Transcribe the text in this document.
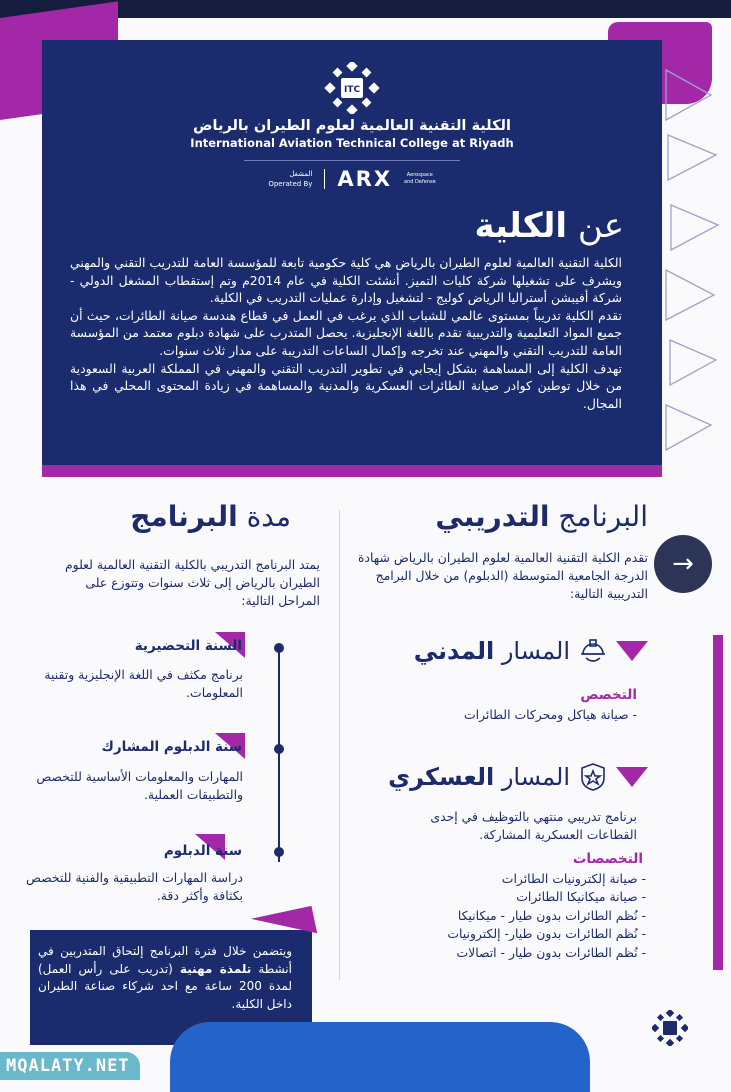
ITC
الكلية التقنية العالمية لعلوم الطيران بالرياض
International Aviation Technical College at Riyadh
المشغل
Operated By ARX	Aerospace
and Defense
عن الكلية

الكلية التقنية العالمية لعلوم الطيران بالرياض هي كلية حكومية تابعة للمؤسسة العامة للتدريب التقني والمهني ويشرف على تشغيلها شركة كليات التميز. أنشئت الكلية في عام 2014م وتم إستقطاب المشغل الدولي - شركة أفيبشن أستراليا الرياض كوليج - لتشغيل وإدارة عمليات التدريب في الكلية.

تقدم الكلية تدريباً بمستوى عالمي للشباب الذي يرغب في العمل في قطاع هندسة صيانة الطائرات، حيث أن جميع المواد التعليمية والتدريبية تقدم باللغة الإنجليزية. يحصل المتدرب على شهادة دبلوم معتمد من المؤسسة العامة للتدريب التقني والمهني عند تخرجه وإكمال الساعات التدريبة على مدار ثلاث سنوات.

تهدف الكلية إلى المساهمة بشكل إيجابي في تطوير التدريب التقني والمهني في المملكة العربية السعودية من خلال توطين كوادر صيانة الطائرات العسكرية والمدنية والمساهمة في زيادة المحتوى المحلي في هذا المجال.

البرنامج التدريبي
تقدم الكلية التقنية العالمية لعلوم الطيران بالرياض شهادة الدرجة الجامعية المتوسطة (الدبلوم) من خلال البرامج التدريبية التالية:
→
المسار المدني
التخصص
- صيانة هياكل ومحركات الطائرات
المسار العسكري
برنامج تدريبي منتهي بالتوظيف في إحدى القطاعات العسكرية المشاركة.
التخصصات
- صيانة إلكترونيات الطائرات
- صيانة ميكانيكا الطائرات
- نُظم الطائرات بدون طيار - ميكانيكا
- نُظم الطائرات بدون طيار- إلكترونيات
- نُظم الطائرات بدون طيار - اتصالات
مدة البرنامج
يمتد البرنامج التدريبي بالكلية التقنية العالمية لعلوم الطيران بالرياض إلى ثلاث سنوات وتتوزع على المراحل التالية:
السنة التحضيرية
برنامج مكثف في اللغة الإنجليزية وتقنية المعلومات.
سنة الدبلوم المشارك
المهارات والمعلومات الأساسية للتخصص والتطبيقات العملية.
سنة الدبلوم
دراسة المهارات التطبيقية والفنية للتخصص بكثافة وأكثر دقة.
ويتضمن خلال فترة البرنامج إلتحاق المتدربين في أنشطة تلمذة مهنية (تدريب على رأس العمل) لمدة 200 ساعة مع احد شركاء صناعة الطيران داخل الكلية.
MQALATY.NET
